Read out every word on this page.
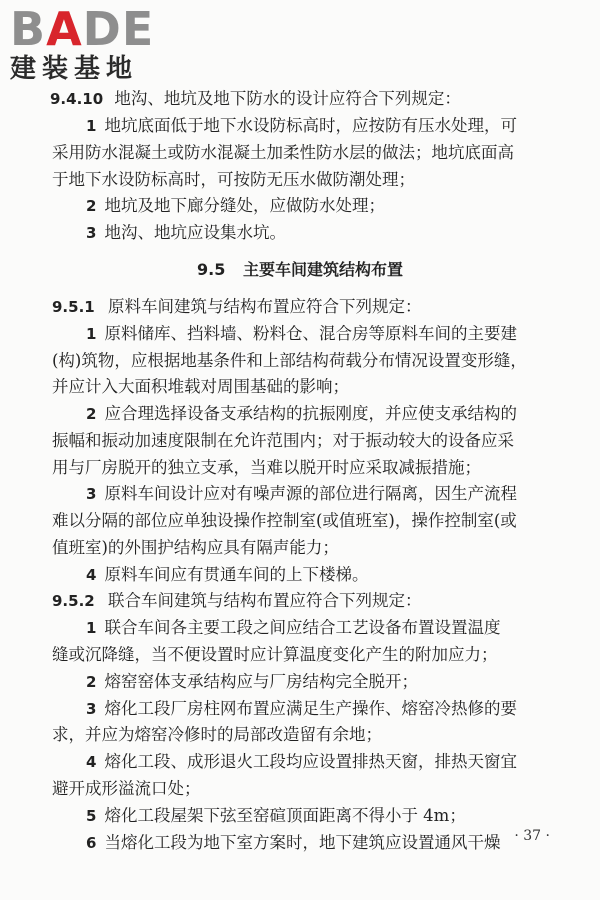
BADE
建装基地
9.4.10 地沟、地坑及地下防水的设计应符合下列规定：
1 地坑底面低于地下水设防标高时，应按防有压水处理，可
采用防水混凝土或防水混凝土加柔性防水层的做法；地坑底面高
于地下水设防标高时，可按防无压水做防潮处理；
2 地坑及地下廊分缝处，应做防水处理；
3 地沟、地坑应设集水坑。
9.5 主要车间建筑结构布置
9.5.1 原料车间建筑与结构布置应符合下列规定：
1 原料储库、挡料墙、粉料仓、混合房等原料车间的主要建
(构)筑物，应根据地基条件和上部结构荷载分布情况设置变形缝，
并应计入大面积堆载对周围基础的影响；
2 应合理选择设备支承结构的抗振刚度，并应使支承结构的
振幅和振动加速度限制在允许范围内；对于振动较大的设备应采
用与厂房脱开的独立支承，当难以脱开时应采取减振措施；
3 原料车间设计应对有噪声源的部位进行隔离，因生产流程
难以分隔的部位应单独设操作控制室(或值班室)，操作控制室(或
值班室)的外围护结构应具有隔声能力；
4 原料车间应有贯通车间的上下楼梯。
9.5.2 联合车间建筑与结构布置应符合下列规定：
1 联合车间各主要工段之间应结合工艺设备布置设置温度
缝或沉降缝，当不便设置时应计算温度变化产生的附加应力；
2 熔窑窑体支承结构应与厂房结构完全脱开；
3 熔化工段厂房柱网布置应满足生产操作、熔窑冷热修的要
求，并应为熔窑冷修时的局部改造留有余地；
4 熔化工段、成形退火工段均应设置排热天窗，排热天窗宜
避开成形溢流口处；
5 熔化工段屋架下弦至窑碹顶面距离不得小于 4m；
6 当熔化工段为地下室方案时，地下建筑应设置通风干燥 · 37 ·
